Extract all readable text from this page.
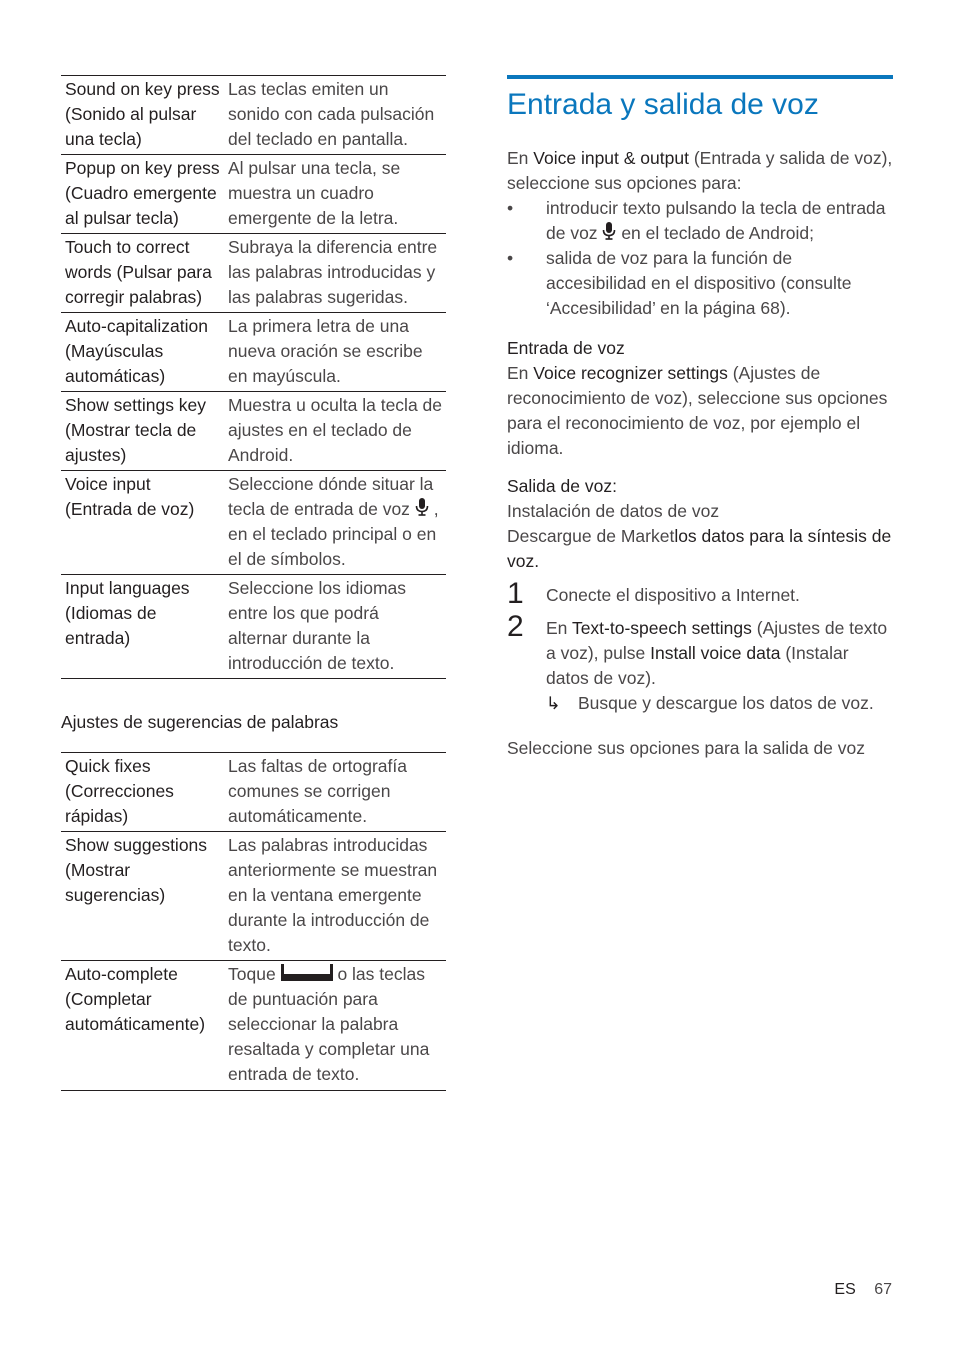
Sound on key press (Sonido al pulsar una tecla)	Las teclas emiten un sonido con cada pulsación del teclado en pantalla.
Popup on key press (Cuadro emergente al pulsar tecla)	Al pulsar una tecla, se muestra un cuadro emergente de la letra.
Touch to correct words (Pulsar para corregir palabras)	Subraya la diferencia entre las palabras introducidas y las palabras sugeridas.
Auto-capitalization (Mayúsculas automáticas)	La primera letra de una nueva oración se escribe en mayúscula.
Show settings key (Mostrar tecla de ajustes)	Muestra u oculta la tecla de ajustes en el teclado de Android.
Voice input (Entrada de voz)	Seleccione dónde situar la tecla de entrada de voz , en el teclado principal o en el de símbolos.
Input languages (Idiomas de entrada)	Seleccione los idiomas entre los que podrá alternar durante la introducción de texto.
Ajustes de sugerencias de palabras
Quick fixes (Correcciones rápidas)	Las faltas de ortografía comunes se corrigen automáticamente.
Show suggestions (Mostrar sugerencias)	Las palabras introducidas anteriormente se muestran en la ventana emergente durante la introducción de texto.
Auto-complete (Completar automáticamente)	Toque o las teclas de puntuación para seleccionar la palabra resaltada y completar una entrada de texto.
Entrada y salida de voz

En Voice input & output (Entrada y salida de voz), seleccione sus opciones para:

• introducir texto pulsando la tecla de entrada de voz en el teclado de Android;
• salida de voz para la función de accesibilidad en el dispositivo (consulte ‘Accesibilidad’ en la página 68).

Entrada de voz

En Voice recognizer settings (Ajustes de reconocimiento de voz), seleccione sus opciones para el reconocimiento de voz, por ejemplo el idioma.

Salida de voz:

Instalación de datos de voz

Descargue de Marketlos datos para la síntesis de voz.

1 Conecte el dispositivo a Internet.
2 En Text-to-speech settings (Ajustes de texto a voz), pulse Install voice data (Instalar datos de voz).
↳ Busque y descargue los datos de voz.

Seleccione sus opciones para la salida de voz

ES 67
